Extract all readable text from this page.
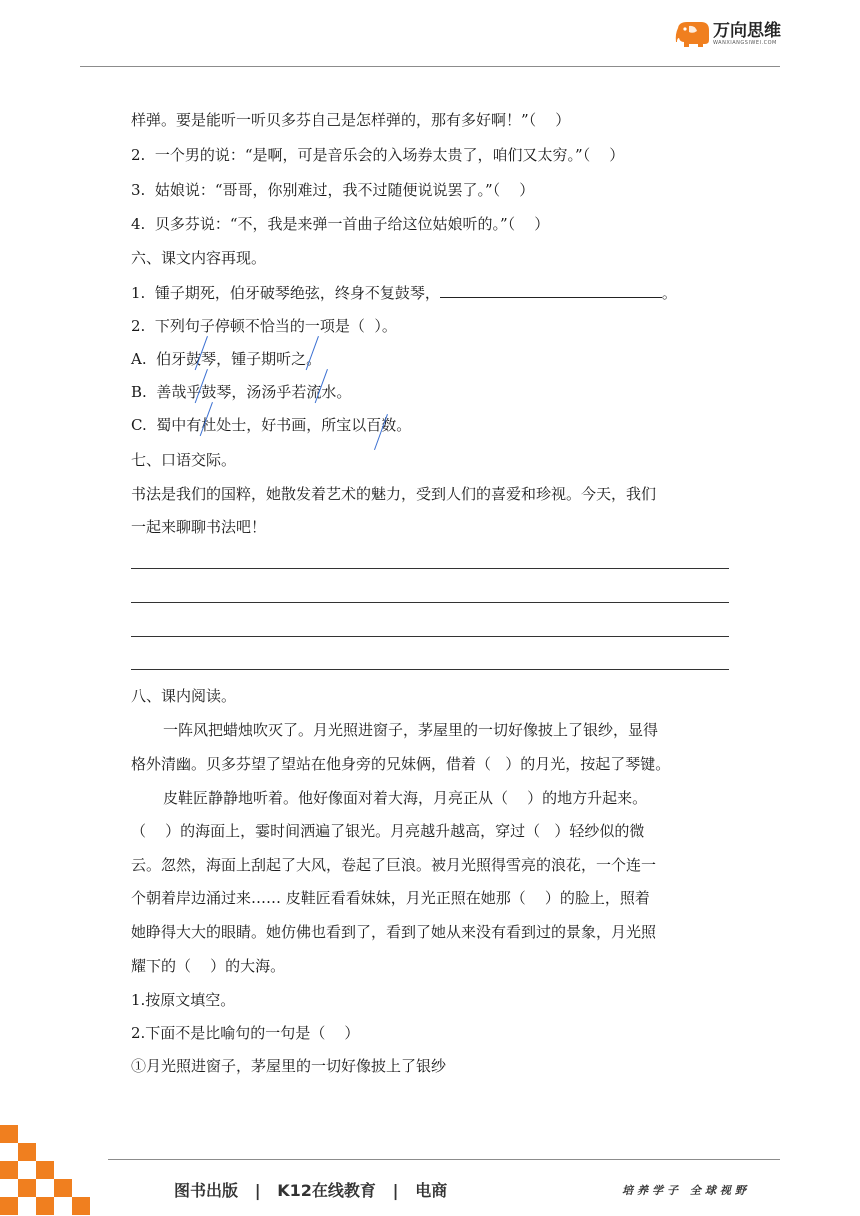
万向思维
WANXIANGSIWEI.COM
样弹。要是能听一听贝多芬自己是怎样弹的，那有多好啊！”（    ）
2.  一个男的说：“是啊，可是音乐会的入场券太贵了，咱们又太穷。”（    ）
3.  姑娘说：“哥哥，你别难过，我不过随便说说罢了。”（    ）
4.  贝多芬说：“不，我是来弹一首曲子给这位姑娘听的。”（    ）
六、课文内容再现。
1.  锺子期死，伯牙破琴绝弦，终身不复鼓琴，	。
2.  下列句子停顿不恰当的一项是（  ）。
A.  伯牙鼓琴，锺子期听之。
B.  善哉乎鼓琴，汤汤乎若流水。
C.  蜀中有杜处士，好书画，所宝以百数。
七、口语交际。
书法是我们的国粹，她散发着艺术的魅力，受到人们的喜爱和珍视。今天，我们
一起来聊聊书法吧！
八、课内阅读。
一阵风把蜡烛吹灭了。月光照进窗子，茅屋里的一切好像披上了银纱，显得
格外清幽。贝多芬望了望站在他身旁的兄妹俩，借着（   ）的月光，按起了琴键。
皮鞋匠静静地听着。他好像面对着大海，月亮正从（    ）的地方升起来。
（    ）的海面上，霎时间洒遍了银光。月亮越升越高，穿过（   ）轻纱似的微
云。忽然，海面上刮起了大风，卷起了巨浪。被月光照得雪亮的浪花，一个连一
个朝着岸边涌过来…… 皮鞋匠看看妹妹，月光正照在她那（    ）的脸上，照着
她睁得大大的眼睛。她仿佛也看到了，看到了她从来没有看到过的景象，月光照
耀下的（    ）的大海。
1.按原文填空。
2.下面不是比喻句的一句是（    ）
①月光照进窗子，茅屋里的一切好像披上了银纱
图书出版   |   K12在线教育   |   电商	培养学子 全球视野
